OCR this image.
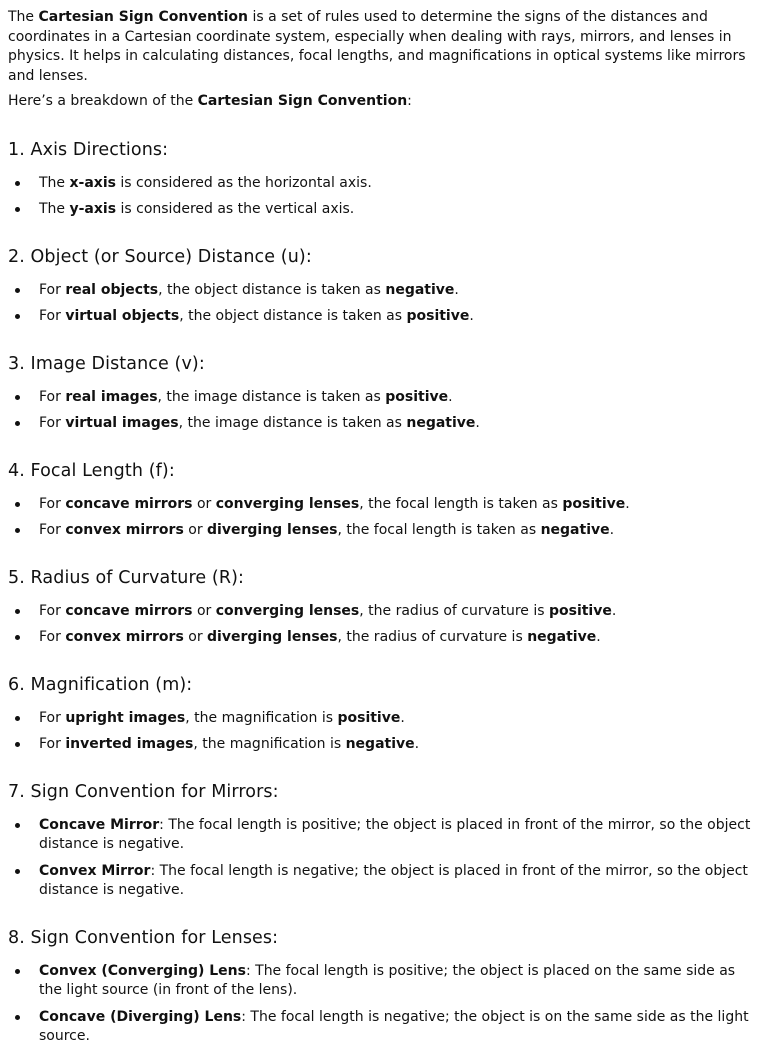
The Cartesian Sign Convention is a set of rules used to determine the signs of the distances and coordinates in a Cartesian coordinate system, especially when dealing with rays, mirrors, and lenses in physics. It helps in calculating distances, focal lengths, and magnifications in optical systems like mirrors and lenses.

Here’s a breakdown of the Cartesian Sign Convention:

1. Axis Directions:
The x-axis is considered as the horizontal axis.
The y-axis is considered as the vertical axis.
2. Object (or Source) Distance (u):
For real objects, the object distance is taken as negative.
For virtual objects, the object distance is taken as positive.
3. Image Distance (v):
For real images, the image distance is taken as positive.
For virtual images, the image distance is taken as negative.
4. Focal Length (f):
For concave mirrors or converging lenses, the focal length is taken as positive.
For convex mirrors or diverging lenses, the focal length is taken as negative.
5. Radius of Curvature (R):
For concave mirrors or converging lenses, the radius of curvature is positive.
For convex mirrors or diverging lenses, the radius of curvature is negative.
6. Magnification (m):
For upright images, the magnification is positive.
For inverted images, the magnification is negative.
7. Sign Convention for Mirrors:
Concave Mirror: The focal length is positive; the object is placed in front of the mirror, so the object distance is negative.
Convex Mirror: The focal length is negative; the object is placed in front of the mirror, so the object distance is negative.
8. Sign Convention for Lenses:
Convex (Converging) Lens: The focal length is positive; the object is placed on the same side as the light source (in front of the lens).
Concave (Diverging) Lens: The focal length is negative; the object is on the same side as the light source.
